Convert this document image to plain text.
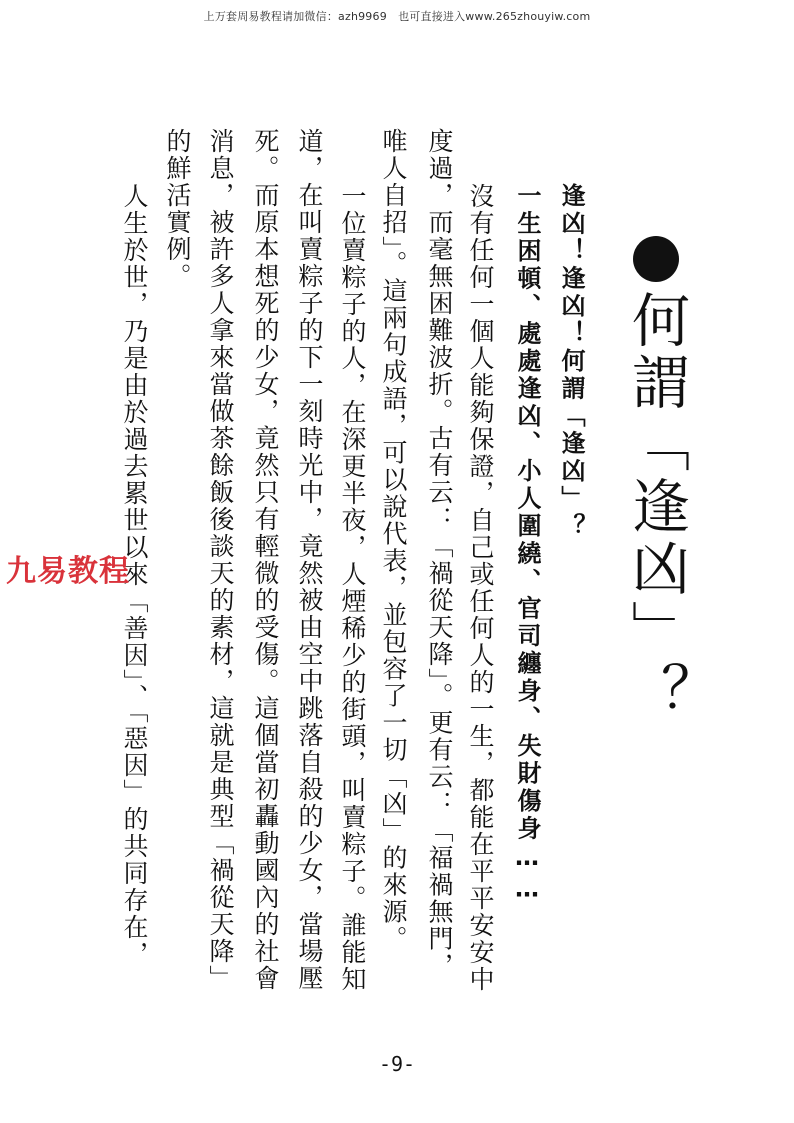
上万套周易教程请加微信：azh9969　也可直接进入www.265zhouyiw.com
何謂「逢凶」？
逢凶！逢凶！何謂「逢凶」？
一生困頓、處處逢凶、小人圍繞、官司纏身、失財傷身……
沒有任何一個人能夠保證，自己或任何人的一生，都能在平平安安中
度過，而毫無困難波折。古有云：「禍從天降」。更有云：「福禍無門，
唯人自招」。這兩句成語，可以說代表，並包容了一切「凶」的來源。
一位賣粽子的人，在深更半夜，人煙稀少的街頭，叫賣粽子。誰能知
道，在叫賣粽子的下一刻時光中，竟然被由空中跳落自殺的少女，當場壓
死。而原本想死的少女，竟然只有輕微的受傷。這個當初轟動國內的社會
消息，被許多人拿來當做茶餘飯後談天的素材，這就是典型「禍從天降」
的鮮活實例。
人生於世，乃是由於過去累世以來「善因」、「惡因」的共同存在，
九易教程
-9-
